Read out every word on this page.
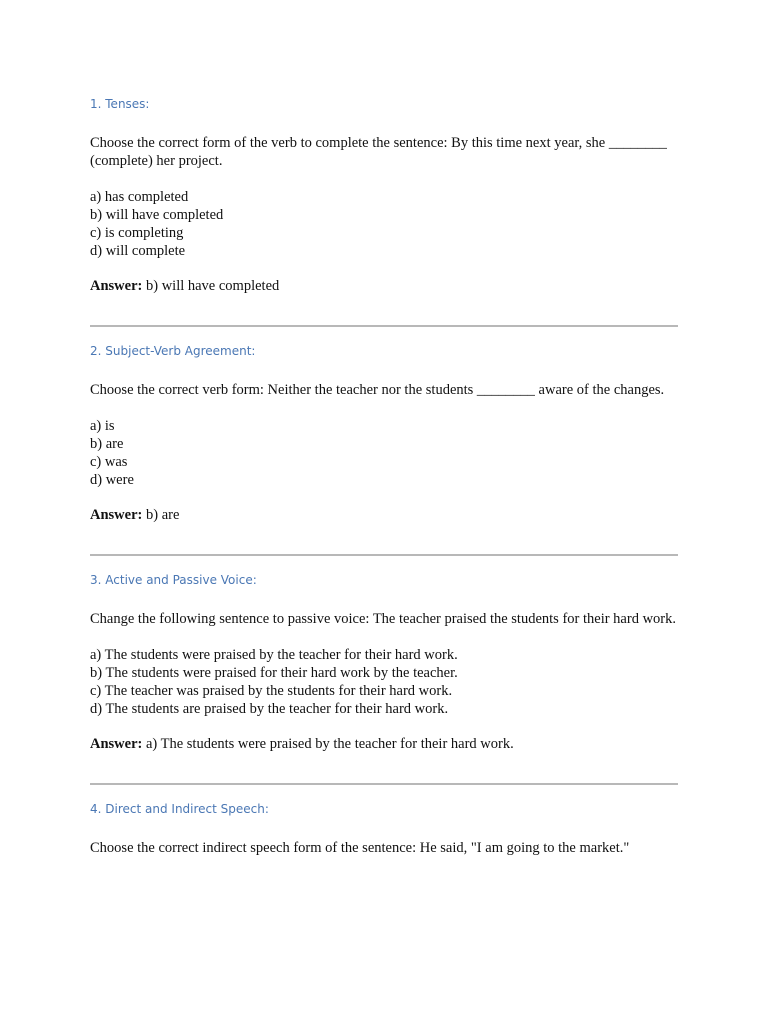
1. Tenses:

Choose the correct form of the verb to complete the sentence: By this time next year, she ________ (complete) her project.

a) has completed
b) will have completed
c) is completing
d) will complete

Answer: b) will have completed

2. Subject-Verb Agreement:

Choose the correct verb form: Neither the teacher nor the students ________ aware of the changes.

a) is
b) are
c) was
d) were

Answer: b) are

3. Active and Passive Voice:

Change the following sentence to passive voice: The teacher praised the students for their hard work.

a) The students were praised by the teacher for their hard work.
b) The students were praised for their hard work by the teacher.
c) The teacher was praised by the students for their hard work.
d) The students are praised by the teacher for their hard work.

Answer: a) The students were praised by the teacher for their hard work.

4. Direct and Indirect Speech:

Choose the correct indirect speech form of the sentence: He said, "I am going to the market."
